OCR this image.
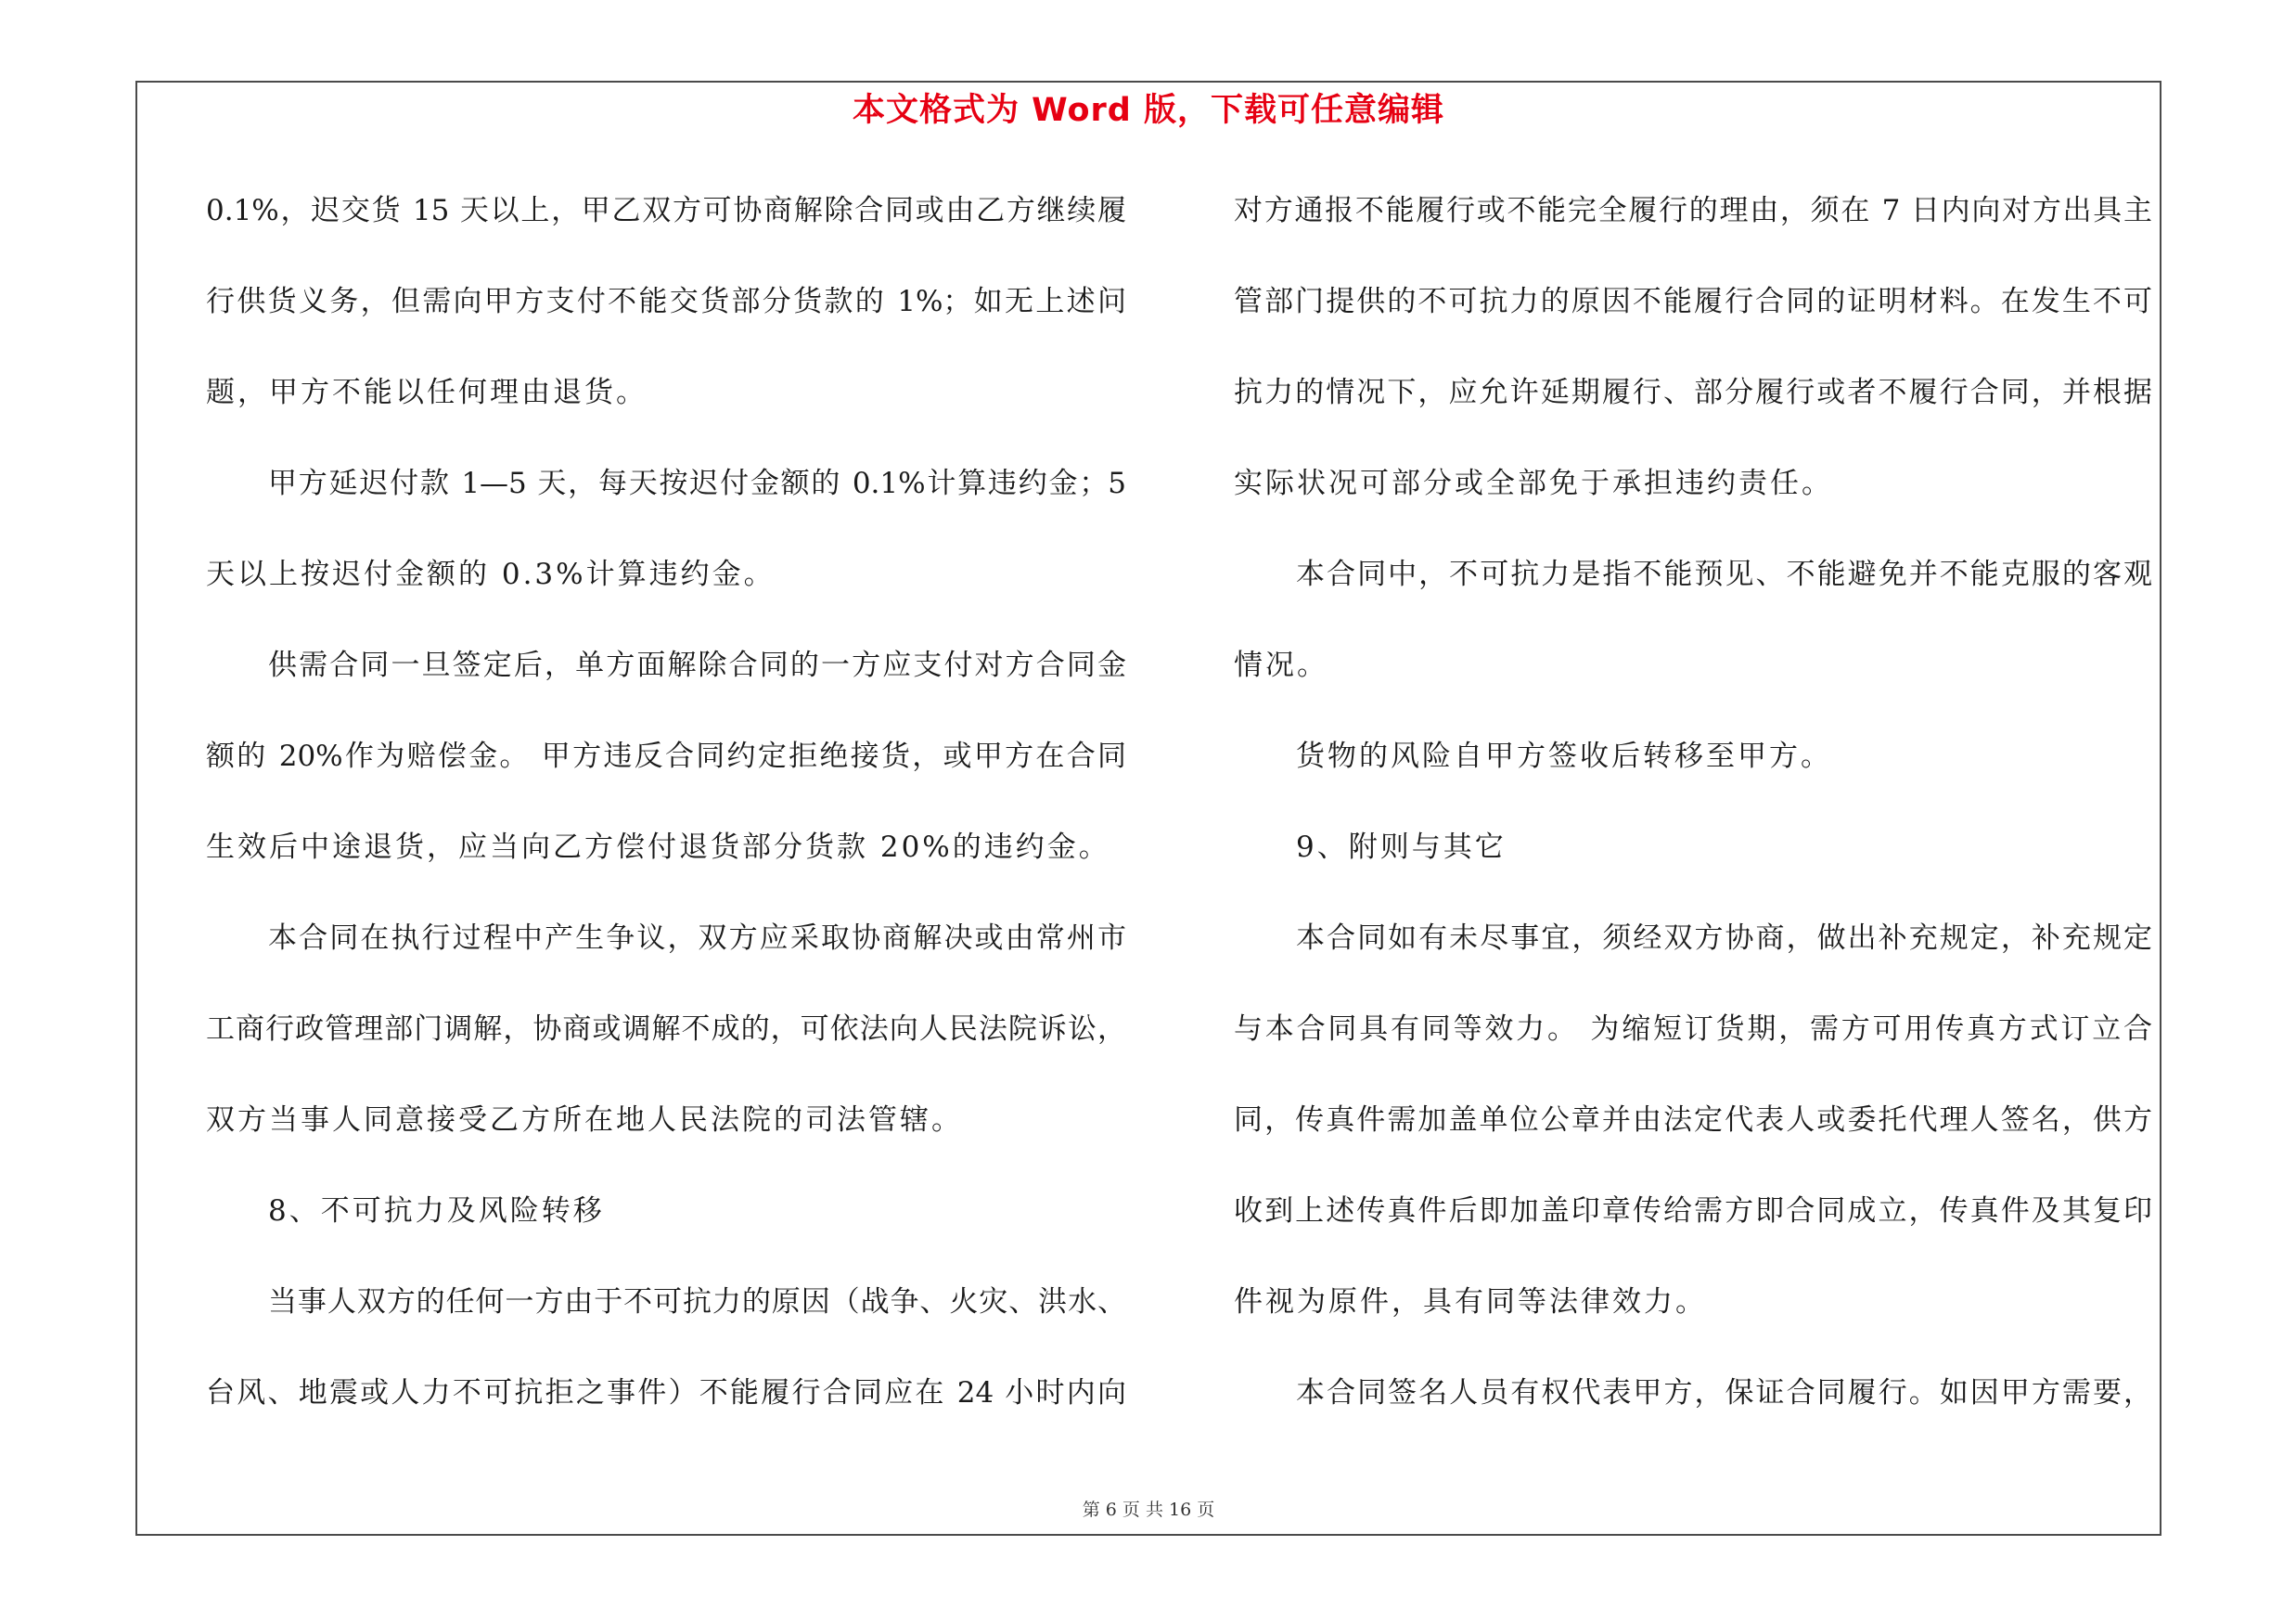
本文格式为 Word 版，下载可任意编辑
0.1%，迟交货 15 天以上，甲乙双方可协商解除合同或由乙方继续履
行供货义务，但需向甲方支付不能交货部分货款的 1%；如无上述问
题，甲方不能以任何理由退货。
甲方延迟付款 1—5 天，每天按迟付金额的 0.1%计算违约金；5
天以上按迟付金额的 0.3%计算违约金。
供需合同一旦签定后，单方面解除合同的一方应支付对方合同金
额的 20%作为赔偿金。 甲方违反合同约定拒绝接货，或甲方在合同
生效后中途退货，应当向乙方偿付退货部分货款 20%的违约金。
本合同在执行过程中产生争议，双方应采取协商解决或由常州市
工商行政管理部门调解，协商或调解不成的，可依法向人民法院诉讼，
双方当事人同意接受乙方所在地人民法院的司法管辖。
8、不可抗力及风险转移
当事人双方的任何一方由于不可抗力的原因（战争、火灾、洪水、
台风、地震或人力不可抗拒之事件）不能履行合同应在 24 小时内向
对方通报不能履行或不能完全履行的理由，须在 7 日内向对方出具主
管部门提供的不可抗力的原因不能履行合同的证明材料。在发生不可
抗力的情况下，应允许延期履行、部分履行或者不履行合同，并根据
实际状况可部分或全部免于承担违约责任。
本合同中，不可抗力是指不能预见、不能避免并不能克服的客观
情况。
货物的风险自甲方签收后转移至甲方。
9、附则与其它
本合同如有未尽事宜，须经双方协商，做出补充规定，补充规定
与本合同具有同等效力。 为缩短订货期，需方可用传真方式订立合
同，传真件需加盖单位公章并由法定代表人或委托代理人签名，供方
收到上述传真件后即加盖印章传给需方即合同成立，传真件及其复印
件视为原件，具有同等法律效力。
本合同签名人员有权代表甲方，保证合同履行。如因甲方需要，
第 6 页 共 16 页
